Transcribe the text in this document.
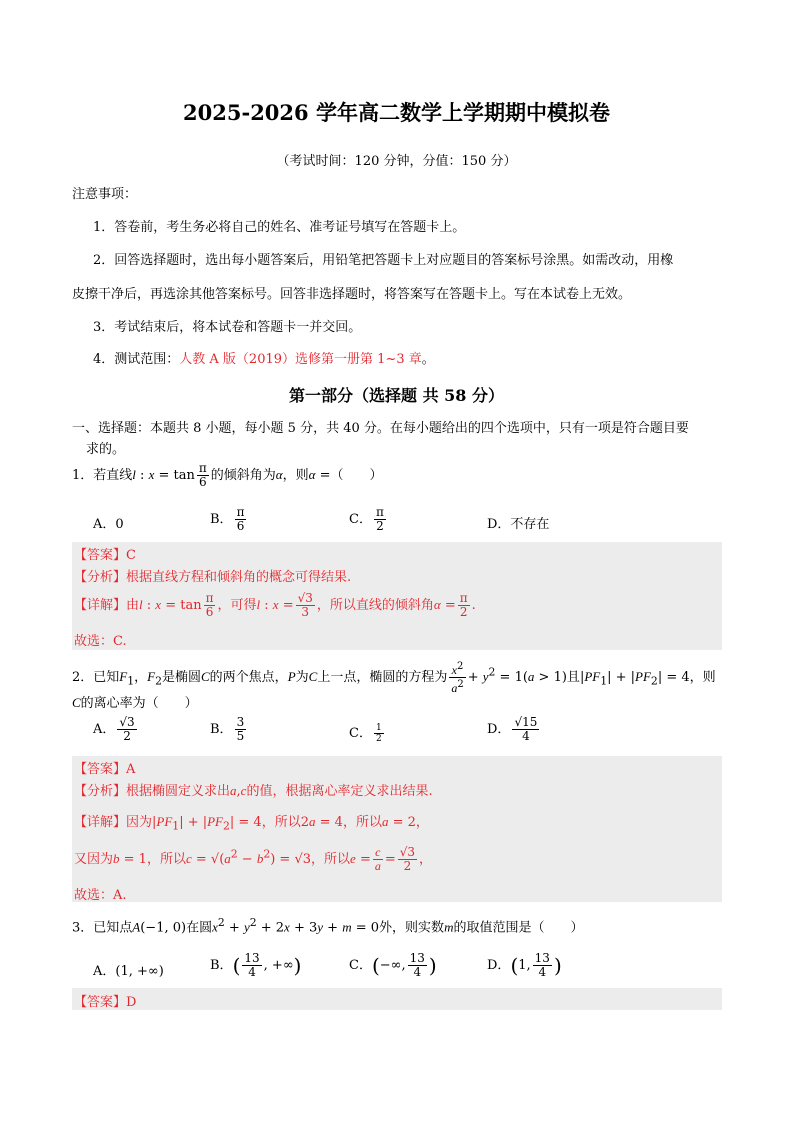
2025-2026 学年高二数学上学期期中模拟卷
（考试时间：120 分钟，分值：150 分）
注意事项：
1．答卷前，考生务必将自己的姓名、准考证号填写在答题卡上。
2．回答选择题时，选出每小题答案后，用铅笔把答题卡上对应题目的答案标号涂黑。如需改动，用橡
皮擦干净后，再选涂其他答案标号。回答非选择题时，将答案写在答题卡上。写在本试卷上无效。
3．考试结束后，将本试卷和答题卡一并交回。
4．测试范围：人教 A 版（2019）选修第一册第 1~3 章。
第一部分（选择题 共 58 分）
一、选择题：本题共 8 小题，每小题 5 分，共 40 分。在每小题给出的四个选项中，只有一项是符合题目要
求的。
1．若直线l : $x = \tan \frac{\pi}{6}$ 的倾斜角为α，则α =（　　）
A．0	B． $\frac{\pi}{6}$	C． $\frac{\pi}{2}$	D．不存在
【答案】C
【分析】根据直线方程和倾斜角的概念可得结果.
【详解】由l : $x = \tan \frac{\pi}{6}$ ，可得l : $x = \frac{√3}{3}$ ，所以直线的倾斜角$\alpha = \frac{\pi}{2}$ .
故选：C.
2．已知$F_1$，$F_2$是椭圆C的两个焦点，P为C上一点，椭圆的方程为 $\frac{x^2}{a^2} + y^2 = 1(a > 1)$且$|PF_1| + |PF_2| = 4$，则
C的离心率为（　　）
A． $\frac{√3}{2}$	B． $\frac{3}{5}$	C． $\frac{1}{2}$	D． $\frac{√15}{4}$
【答案】A
【分析】根据椭圆定义求出a,c的值，根据离心率定义求出结果.
【详解】因为$|PF_1| + |PF_2| = 4$，所以2a = 4，所以a = 2，
又因为b = 1，所以$c = √(a^2 - b^2) = √3$，所以$e = \frac{c}{a} = \frac{√3}{2}$ ，
故选：A.
3．已知点A(−1, 0)在圆$x^2 + y^2 + 2x + 3y + m = 0$外，则实数m的取值范围是（　　）
A．(1, +∞)	B．( $\frac{13}{4}$ , +∞)	C．(−∞, $\frac{13}{4}$ )	D．(1, $\frac{13}{4}$ )
【答案】D
